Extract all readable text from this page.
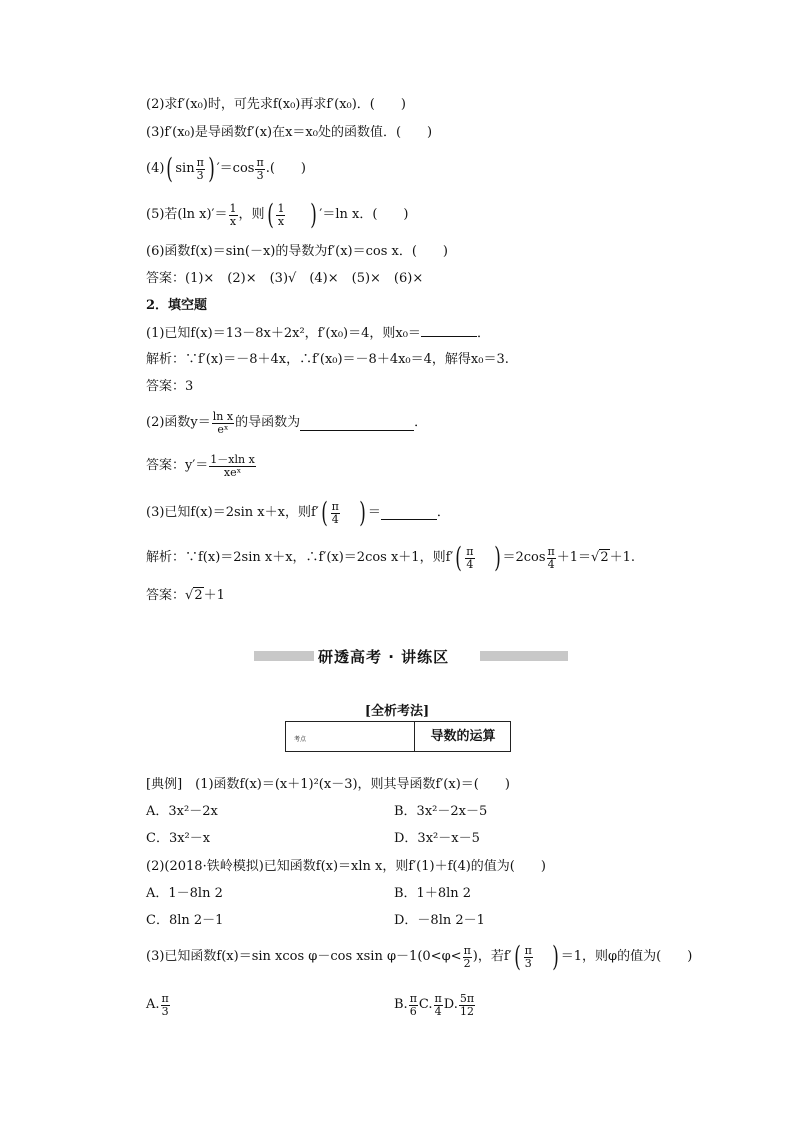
(2)求f′(x₀)时，可先求f(x₀)再求f′(x₀)．(　　)
(3)f′(x₀)是导函数f′(x)在x＝x₀处的函数值．(　　)
(4) ( $\sin \frac{\pi}{3}$ ) $'=\cos \frac{\pi}{3}$ .(　　)
(5)若(ln $x)'= \frac{1}{x}$ ，则 ( $\frac{1}{x}$ ) ′＝ln x．(　　)
(6)函数f(x)＝sin(－x)的导数为f′(x)＝cos x．(　　)
答案：(1)×　(2)×　(3)√　(4)×　(5)×　(6)×
2．填空题
(1)已知f(x)＝13－8x＋2x²，f′(x₀)＝4，则x₀＝	．
解析：∵f′(x)＝－8＋4x，∴f′(x₀)＝－8＋4x₀＝4，解得x₀＝3.
答案：3
(2)函数$y= \frac{\text{ln x}}{\text{eˣ}}$ 的导函数为	．
答案：$y'= \frac{\text{1－xln x}}{\text{xeˣ}}$
(3)已知f(x)＝2sin x＋x，则f′ ( $\frac{\pi}{4}$ ) ＝	．
解析：∵f(x)＝2sin x＋x，∴f′(x)＝2cos x＋1，则f′ ( $\frac{\pi}{4}$ ) $=2\cos \frac{\pi}{4} +1= √2 +1$.
答案：√2＋1
研透高考 · 讲练区
[全析考法]
考点	导数的运算
[典例]　(1)函数f(x)＝(x＋1)²(x－3)，则其导函数f′(x)＝(　　)
A．3x²－2x	B．3x²－2x－5
C．3x²－x	D．3x²－x－5
(2)(2018·铁岭模拟)已知函数f(x)＝xln x，则f′(1)＋f(4)的值为(　　)
A．1－8ln 2	B．1＋8ln 2
C．8ln 2－1	D．－8ln 2－1
(3)已知函数f(x)＝sin xcos φ－cos xsin $\varphi-1(0<\varphi< \frac{\pi}{2}$ )，若f′ ( $\frac{\pi}{3}$ ) ＝1，则φ的值为(　　)
A. $\frac{\pi}{3}$	B. $\frac{\pi}{6} C$. $\frac{\pi}{4} D$. $\frac{5\pi}{12}$
